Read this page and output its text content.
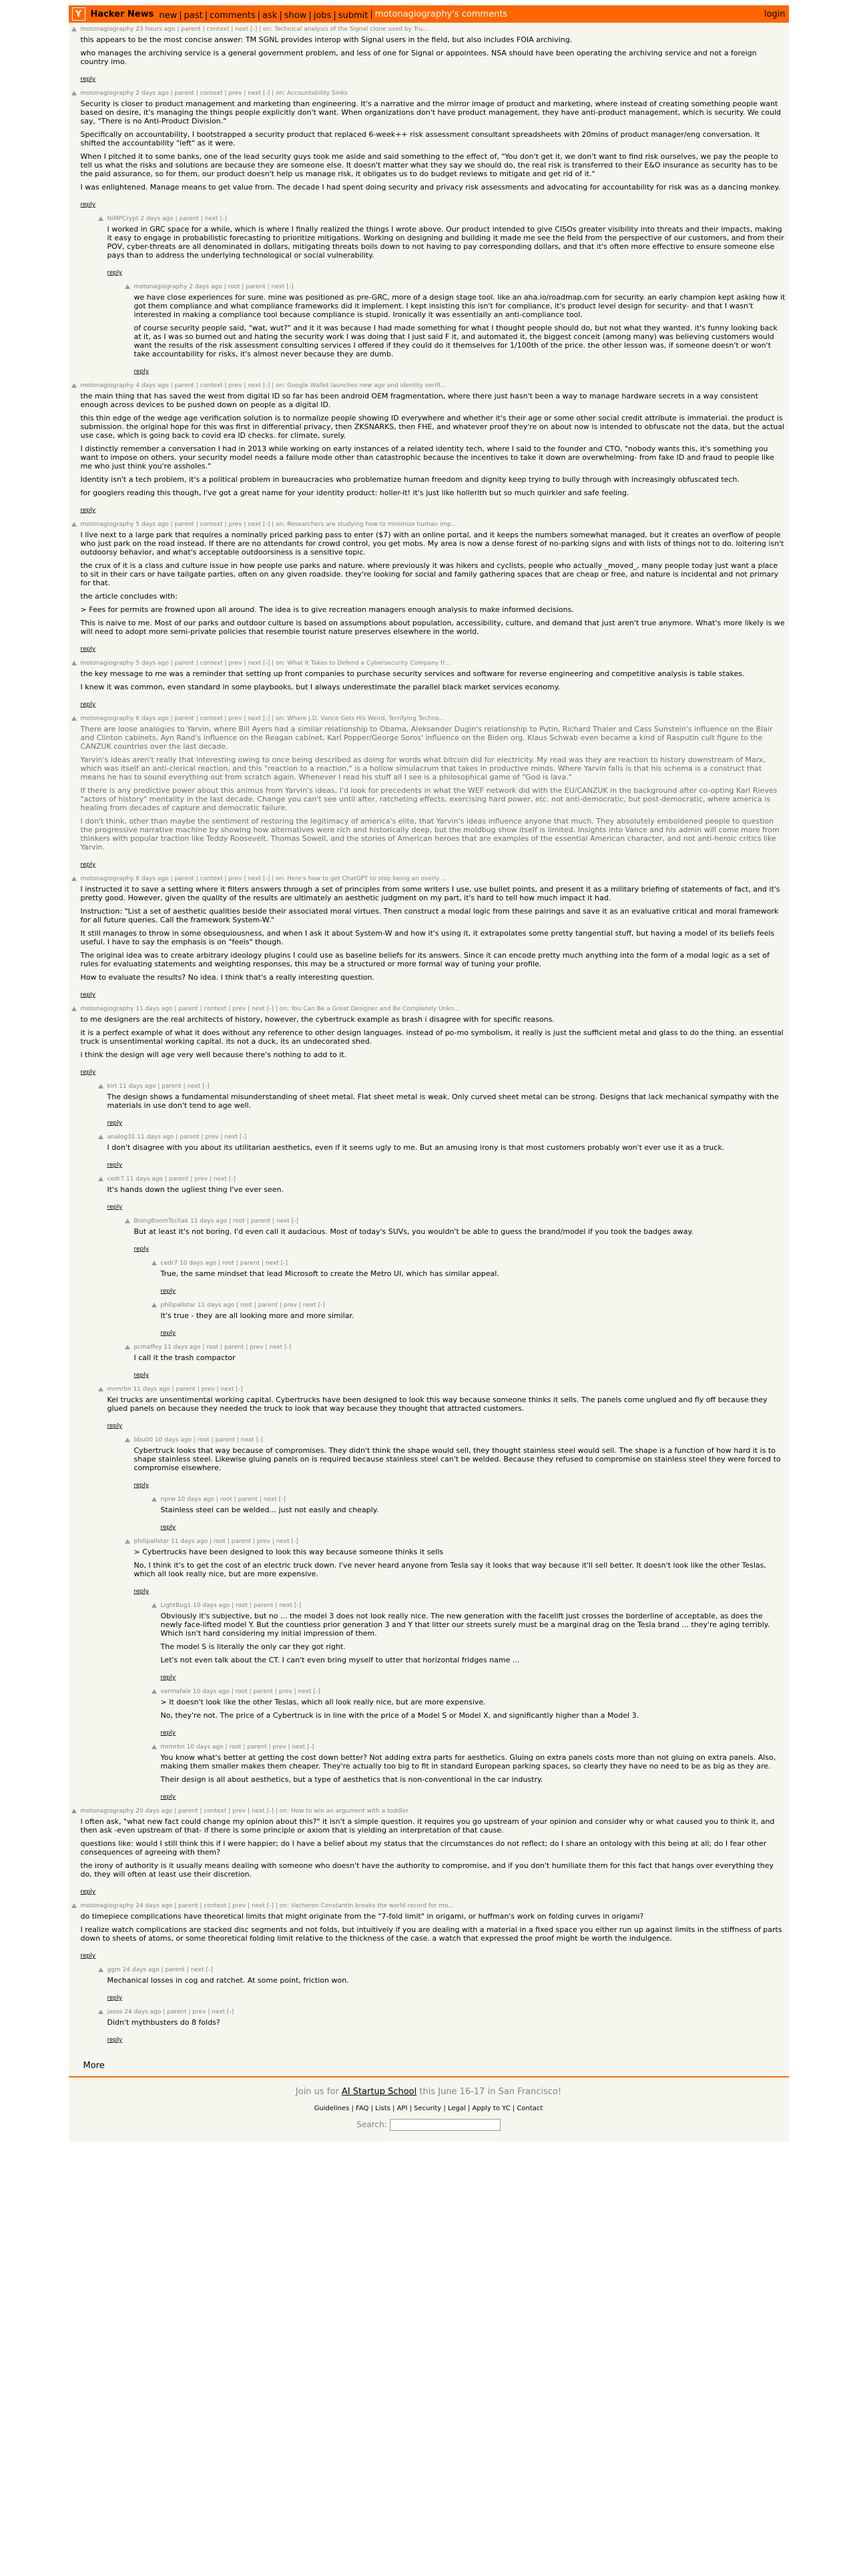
Y	Hacker News new | past | comments | ask | show | jobs | submit | motonagiography's comments	login
motonagiography 23 hours ago | parent | context | next [-] | on: Technical analysis of the Signal clone used by Tru...

this appears to be the most concise answer: TM SGNL provides interop with Signal users in the field, but also includes FOIA archiving.

who manages the archiving service is a general government problem, and less of one for Signal or appointees. NSA should have been operating the archiving service and not a foreign country imo.

reply
motonagiography 2 days ago | parent | context | prev | next [-] | on: Accountability Sinks

Security is closer to product management and marketing than engineering. It's a narrative and the mirror image of product and marketing, where instead of creating something people want based on desire, it's managing the things people explicitly don't want. When organizations don't have product management, they have anti-product management, which is security. We could say, "There is no Anti-Product Division."

Specifically on accountability, I bootstrapped a security product that replaced 6-week++ risk assessment consultant spreadsheets with 20mins of product manager/eng conversation. It shifted the accountability "left" as it were.

When I pitched it to some banks, one of the lead security guys took me aside and said something to the effect of, "You don't get it, we don't want to find risk ourselves, we pay the people to tell us what the risks and solutions are because they are someone else. It doesn't matter what they say we should do, the real risk is transferred to their E&O insurance as security has to be the paid assurance, so for them, our product doesn't help us manage risk, it obligates us to do budget reviews to mitigate and get rid of it."

I was enlightened. Manage means to get value from. The decade I had spent doing security and privacy risk assessments and advocating for accountability for risk was as a dancing monkey.

reply
NiMPCrypt 2 days ago | parent | next [-]

I worked in GRC space for a while, which is where I finally realized the things I wrote above. Our product intended to give CISOs greater visibility into threats and their impacts, making it easy to engage in probabilistic forecasting to prioritize mitigations. Working on designing and building it made me see the field from the perspective of our customers, and from their POV, cyber-threats are all denominated in dollars, mitigating threats boils down to not having to pay corresponding dollars, and that it's often more effective to ensure someone else pays than to address the underlying technological or social vulnerability.

reply
motonagiography 2 days ago | root | parent | next [-]

we have close experiences for sure. mine was positioned as pre-GRC, more of a design stage tool. like an aha.io/roadmap.com for security. an early champion kept asking how it got them compliance and what compliance frameworks did it implement. I kept insisting this isn't for compliance, it's product level design for security- and that I wasn't interested in making a compliance tool because compliance is stupid. Ironically it was essentially an anti-compliance tool.

of course security people said, "wat, wut?" and it it was because I had made something for what I thought people should do, but not what they wanted. it's funny looking back at it, as I was so burned out and hating the security work I was doing that I just said F it, and automated it, the biggest conceit (among many) was believing customers would want the results of the risk assessment consulting services I offered if they could do it themselves for 1/100th of the price. the other lesson was, if someone doesn't or won't take accountability for risks, it's almost never because they are dumb.

reply
motonagiography 4 days ago | parent | context | prev | next [-] | on: Google Wallet launches new age and identity verifi...

the main thing that has saved the west from digital ID so far has been android OEM fragmentation, where there just hasn't been a way to manage hardware secrets in a way consistent enough across devices to be pushed down on people as a digital ID.

this thin edge of the wedge age verification solution is to normalize people showing ID everywhere and whether it's their age or some other social credit attribute is immaterial. the product is submission. the original hope for this was first in differential privacy, then ZKSNARKS, then FHE, and whatever proof they're on about now is intended to obfuscate not the data, but the actual use case, which is going back to covid era ID checks. for climate, surely.

I distinctly remember a conversation I had in 2013 while working on early instances of a related identity tech, where I said to the founder and CTO, "nobody wants this, it's something you want to impose on others. your security model needs a failure mode other than catastrophic because the incentives to take it down are overwhelming- from fake ID and fraud to people like me who just think you're assholes."

Identity isn't a tech problem, it's a political problem in bureaucracies who problematize human freedom and dignity keep trying to bully through with increasingly obfuscated tech.

for googlers reading this though, I've got a great name for your identity product: holler-it! it's just like hollerith but so much quirkier and safe feeling.

reply
motonagiography 5 days ago | parent | context | prev | next [-] | on: Researchers are studying how to minimize human imp...

I live next to a large park that requires a nominally priced parking pass to enter ($7) with an online portal, and it keeps the numbers somewhat managed, but it creates an overflow of people who just park on the road instead. If there are no attendants for crowd control, you get mobs. My area is now a dense forest of no-parking signs and with lists of things not to do. loitering isn't outdoorsy behavior, and what's acceptable outdoorsiness is a sensitive topic.

the crux of it is a class and culture issue in how people use parks and nature. where previously it was hikers and cyclists, people who actually _moved_, many people today just want a place to sit in their cars or have tailgate parties, often on any given roadside. they're looking for social and family gathering spaces that are cheap or free, and nature is incidental and not primary for that.

the article concludes with:

> Fees for permits are frowned upon all around. The idea is to give recreation managers enough analysis to make informed decisions.

This is naive to me. Most of our parks and outdoor culture is based on assumptions about population, accessibility, culture, and demand that just aren't true anymore. What's more likely is we will need to adopt more semi-private policies that resemble tourist nature preserves elsewhere in the world.

reply
motonagiography 5 days ago | parent | context | prev | next [-] | on: What It Takes to Defend a Cybersecurity Company fr...

the key message to me was a reminder that setting up front companies to purchase security services and software for reverse engineering and competitive analysis is table stakes.

I knew it was common, even standard in some playbooks, but I always underestimate the parallel black market services economy.

reply
motonagiography 6 days ago | parent | context | prev | next [-] | on: Where J.D. Vance Gets His Weird, Terrifying Techno...

There are loose analogies to Yarvin, where Bill Ayers had a similar relationship to Obama, Aleksander Dugin's relationship to Putin, Richard Thaler and Cass Sunstein's influence on the Blair and Clinton cabinets, Ayn Rand's influence on the Reagan cabinet, Karl Popper/George Soros' influence on the Biden org. Klaus Schwab even became a kind of Rasputin cult figure to the CANZUK countries over the last decade.

Yarvin's ideas aren't really that interesting owing to once being described as doing for words what bitcoin did for electricity. My read was they are reaction to history downstream of Marx, which was itself an anti-clerical reaction, and this "reaction to a reaction," is a hollow simulacrum that takes in productive minds. Where Yarvin falls is that his schema is a construct that means he has to sound everything out from scratch again. Whenever I read his stuff all I see is a philosophical game of "God is lava."

If there is any predictive power about this animus from Yarvin's ideas, I'd look for precedents in what the WEF network did with the EU/CANZUK in the background after co-opting Karl Rieves "actors of history" mentality in the last decade. Change you can't see until after, ratcheting effects, exercising hard power, etc. not anti-democratic, but post-democratic, where america is healing from decades of capture and democratic failure.

I don't think, other than maybe the sentiment of restoring the legitimacy of america's elite, that Yarvin's ideas influence anyone that much. They absolutely emboldened people to question the progressive narrative machine by showing how alternatives were rich and historically deep, but the moldbug show itself is limited. Insights into Vance and his admin will come more from thinkers with popular traction like Teddy Roosevelt, Thomas Sowell, and the stories of American heroes that are examples of the essential American character, and not anti-heroic critics like Yarvin.

reply
motonagiography 8 days ago | parent | context | prev | next [-] | on: Here's how to get ChatGPT to stop being an overly ...

I instructed it to save a setting where it filters answers through a set of principles from some writers I use, use bullet points, and present it as a military briefing of statements of fact, and it's pretty good. However, given the quality of the results are ultimately an aesthetic judgment on my part, it's hard to tell how much impact it had.

Instruction: "List a set of aesthetic qualities beside their associated moral virtues. Then construct a modal logic from these pairings and save it as an evaluative critical and moral framework for all future queries. Call the framework System-W."

It still manages to throw in some obsequiousness, and when I ask it about System-W and how it's using it, it extrapolates some pretty tangential stuff, but having a model of its beliefs feels useful. I have to say the emphasis is on "feels" though.

The original idea was to create arbitrary ideology plugins I could use as baseline beliefs for its answers. Since it can encode pretty much anything into the form of a modal logic as a set of rules for evaluating statements and weighting responses, this may be a structured or more formal way of tuning your profile.

How to evaluate the results? No idea. I think that's a really interesting question.

reply
motonagiography 11 days ago | parent | context | prev | next [-] | on: You Can Be a Great Designer and Be Completely Unkn...

to me designers are the real architects of history, however, the cybertruck example as brash i disagree with for specific reasons.

it is a perfect example of what it does without any reference to other design languages. instead of po-mo symbolism, it really is just the sufficient metal and glass to do the thing. an essential truck is unsentimental working capital. its not a duck, its an undecorated shed.

i think the design will age very well because there's nothing to add to it.

reply
kirt 11 days ago | parent | next [-]

The design shows a fundamental misunderstanding of sheet metal. Flat sheet metal is weak. Only curved sheet metal can be strong. Designs that lack mechanical sympathy with the materials in use don't tend to age well.

reply
analog31 11 days ago | parent | prev | next [-]

I don't disagree with you about its utilitarian aesthetics, even if it seems ugly to me. But an amusing irony is that most customers probably won't ever use it as a truck.

reply
cedr7 11 days ago | parent | prev | next [-]

It's hands down the ugliest thing I've ever seen.

reply
BoingBoomTschak 11 days ago | root | parent | next [-]

But at least it's not boring. I'd even call it audacious. Most of today's SUVs, you wouldn't be able to guess the brand/model if you took the badges away.

reply
cedr7 10 days ago | root | parent | next [-]

True, the same mindset that lead Microsoft to create the Metro UI, which has similar appeal.

reply
philipallstar 11 days ago | root | parent | prev | next [-]

It's true - they are all looking more and more similar.

reply
pcmaffey 11 days ago | root | parent | prev | next [-]

I call it the trash compactor

reply
mrmrbn 11 days ago | parent | prev | next [-]

Kei trucks are unsentimental working capital. Cybertrucks have been designed to look this way because someone thinks it sells. The panels come unglued and fly off because they glued panels on because they needed the truck to look that way because they thought that attracted customers.

reply
bbu00 10 days ago | root | parent | next [-]

Cybertruck looks that way because of compromises. They didn't think the shape would sell, they thought stainless steel would sell. The shape is a function of how hard it is to shape stainless steel. Likewise gluing panels on is required because stainless steel can't be welded. Because they refused to compromise on stainless steel they were forced to compromise elsewhere.

reply
nprw 10 days ago | root | parent | next [-]

Stainless steel can be welded... just not easily and cheaply.

reply
philipallstar 11 days ago | root | parent | prev | next [-]

> Cybertrucks have been designed to look this way because someone thinks it sells

No, I think it's to get the cost of an electric truck down. I've never heard anyone from Tesla say it looks that way because it'll sell better. It doesn't look like the other Teslas, which all look really nice, but are more expensive.

reply
LightBug1 10 days ago | root | parent | next [-]

Obviously it's subjective, but no ... the model 3 does not look really nice. The new generation with the facelift just crosses the borderline of acceptable, as does the newly face-lifted model Y. But the countless prior generation 3 and Y that litter our streets surely must be a marginal drag on the Tesla brand ... they're aging terribly. Which isn't hard considering my initial impression of them.

The model S is literally the only car they got right.

Let's not even talk about the CT. I can't even bring myself to utter that horizontal fridges name ...

reply
vermafale 10 days ago | root | parent | prev | next [-]

> It doesn't look like the other Teslas, which all look really nice, but are more expensive.

No, they're not. The price of a Cybertruck is in line with the price of a Model S or Model X, and significantly higher than a Model 3.

reply
mrmrbn 10 days ago | root | parent | prev | next [-]

You know what's better at getting the cost down better? Not adding extra parts for aesthetics. Gluing on extra panels costs more than not gluing on extra panels. Also, making them smaller makes them cheaper. They're actually too big to fit in standard European parking spaces, so clearly they have no need to be as big as they are.

Their design is all about aesthetics, but a type of aesthetics that is non-conventional in the car industry.

reply
motonagiography 20 days ago | parent | context | prev | next [-] | on: How to win an argument with a toddler

I often ask, "what new fact could change my opinion about this?" it isn't a simple question. it requires you go upstream of your opinion and consider why or what caused you to think it, and then ask -even upstream of that- if there is some principle or axiom that is yielding an interpretation of that cause.

questions like: would I still think this if I were happier; do I have a belief about my status that the circumstances do not reflect; do I share an ontology with this being at all; do I fear other consequences of agreeing with them?

the irony of authority is it usually means dealing with someone who doesn't have the authority to compromise, and if you don't humiliate them for this fact that hangs over everything they do, they will often at least use their discretion.

reply
motonagiography 24 days ago | parent | context | prev | next [-] | on: Vacheron Constantin breaks the world record for mo...

do timepiece complications have theoretical limits that might originate from the "7-fold limit" in origami, or huffman's work on folding curves in origami?

I realize watch complications are stacked disc segments and not folds, but intuitively if you are dealing with a material in a fixed space you either run up against limits in the stiffness of parts down to sheets of atoms, or some theoretical folding limit relative to the thickness of the case. a watch that expressed the proof might be worth the indulgence.

reply
ggm 24 days ago | parent | next [-]

Mechanical losses in cog and ratchet. At some point, friction won.

reply
jaoss 24 days ago | parent | prev | next [-]

Didn't mythbusters do 8 folds?

reply
More
Join us for AI Startup School this June 16-17 in San Francisco!
Guidelines | FAQ | Lists | API | Security | Legal | Apply to YC | Contact
Search:
